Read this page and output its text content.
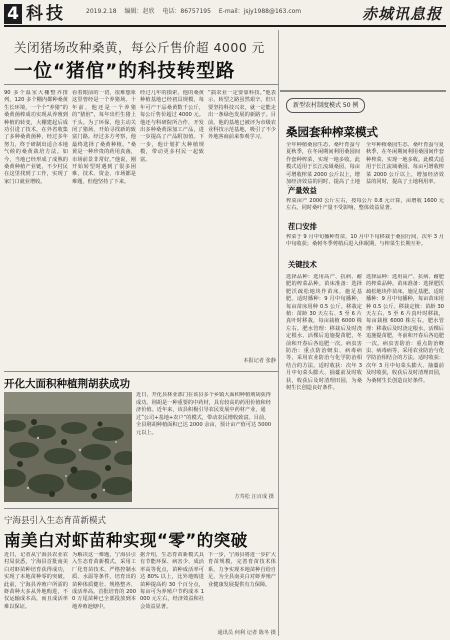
4 科技	2019.2.18 编辑：赵欣 电话：86757195 E-mail：jsjy1988@163.com	赤城讯息报
关闭猪场改种桑黄，每公斤售价超 4000 元
一位“猪倌”的科技转型路
90 多个温室大棚整齐排列，120 多个棚内都种桑黄生长环境，一个个“养猪”的桑黄菌棒成功实现从养殖到种植的转变，大棚建起后成功引进了技术，在外省收集了多种桑黄菌种，经过多年努力，终于研制出适合本地气候的桑黄栽培方法。如今，当地已经形成了成熟的桑黄种植产业链，不少村民在这里找到了工作，实现了家门口就业增收。
看着眼前的一切，很难想象这里曾经是一个养猪场。十年前，他还是一个养猪的“猪倌”，每年出栏生猪上千头。为了环保，他主动关闭了猪场，开始寻找新的致富门路。经过多方考察，他最终选择了桑黄种植。“桑黄是一种珍贵的药用真菌，市场前景非常好。”他说，刚开始转型时遇到了很多困难，技术、资金、市场都是难题，但他坚持了下来。
经过几年的摸索，他的桑黄种植基地已经初具规模，每年可产干品桑黄数千公斤，每公斤售价超过 4000 元。他还与科研院所合作，开发出多种桑黄深加工产品，进一步提高了产品附加值。下一步，他计划扩大种植规模，带动更多村民一起致富。
“搞农业一定要靠科技。”他表示，转型之路虽然艰辛，但只要坚持科技兴农，就一定能走出一条绿色发展的新路子。目前，他的基地已被评为市级农业科技示范基地，吸引了不少外地客商前来参观学习。
本报记者 张静
新型农村制度模式 50 例
桑园套种榨菜模式
全年种植桑园生态、桑叶育蚕与夏秋季，在冬闲期间利用桑园间作套种榨菜，实现一地多收。此模式适用于长江流域桑园，每亩可增收榨菜 2000 公斤以上，增加经济效益的同时，提高了土地
全年种植桑园生态、桑叶育蚕与夏秋季，在冬闲期间利用桑园间作套种榨菜，实现一地多收。此模式适用于长江流域桑园，每亩可增收榨菜 2000 公斤以上，增加经济效益的同时，提高了土地利用率。
产量效益
榨菜亩产 2000 公斤左右，按每公斤 0.8 元计算，亩增收 1600 元左右。同时桑叶产量不受影响，整体效益显著。
茬口安排
榨菜于 9 月中旬播种育苗，10 月中下旬移栽于桑园行间，次年 3 月中旬收获；桑树冬季剪梢后进入休眠期，与榨菜生长期互补。
关键技术
选择品种：选用高产、抗病、耐肥的榨菜品种。苗床准备：选择肥沃疏松地块作苗床，施足基肥。适时播种：9 月中旬播种，每亩苗床用种 0.5 公斤。移栽定植：苗龄 30 天左右、5 至 6 片真叶时移栽，每亩栽植 6000 株左右。肥水管理：移栽后及时浇定根水，活棵后追施提苗肥，冬前和开春后各追肥一次。病虫害防治：重点防治蚜虫、病毒病等，采用农业防治与化学防治相结合的方法。适时收获：次年 3 月中旬菜头膨大、抽薹前及时收获，收获后及时清理田园，为桑树生长创造良好条件。
选择品种：选用高产、抗病、耐肥的榨菜品种。苗床准备：选择肥沃疏松地块作苗床，施足基肥。适时播种：9 月中旬播种，每亩苗床用种 0.5 公斤。移栽定植：苗龄 30 天左右、5 至 6 片真叶时移栽，每亩栽植 6000 株左右。肥水管理：移栽后及时浇定根水，活棵后追施提苗肥，冬前和开春后各追肥一次。病虫害防治：重点防治蚜虫、病毒病等，采用农业防治与化学防治相结合的方法。适时收获：次年 3 月中旬菜头膨大、抽薹前及时收获，收获后及时清理田园，为桑树生长创造良好条件。
开化大面积种植荆胡获成功
近日，开化县林业部门在该县多个乡镇大面积种植荆胡获得成功。荆胡是一种重要的中药材，具有较高的药用价值和经济价值。近年来，该县积极引导农民发展中药材产业，通过“公司+基地+农户”的模式，带动农民增收致富。目前，全县荆胡种植面积已达 2000 余亩，预计亩产值可达 5000 元以上。
方寿松 汪百成 摄
宁海县引入生态育苗新模式
南美白对虾苗种实现“零”的突破
近日，记者从宁海县农业农村局获悉，宁海县首批南美白对虾苗种培育获得成功，实现了本地苗种零的突破。此前，宁海县养殖户所需的虾苗种大多从外地购进，不仅运输成本高，而且成活率难以保证。
为解决这一难题，宁海县引入生态育苗新模式，采用工厂化育苗技术，严格控制水质、水温等条件，培育出的苗种体质健壮、规格整齐、成活率高。首批培育的 2000 万尾苗种已全部投放到本地养殖池塘中。
据介绍，生态育苗新模式具有节能环保、病害少、成活率高等优点，苗种成活率可达 80% 以上，比外地购进苗种提高约 30 个百分点，每亩可为养殖户节约成本 1000 元左右，经济效益和社会效益显著。
下一步，宁海县将进一步扩大育苗规模，完善育苗技术体系，力争实现本地苗种自给自足，为全县南美白对虾养殖产业健康发展提供有力保障。
通讯员 何利 记者 陈冬 摄
